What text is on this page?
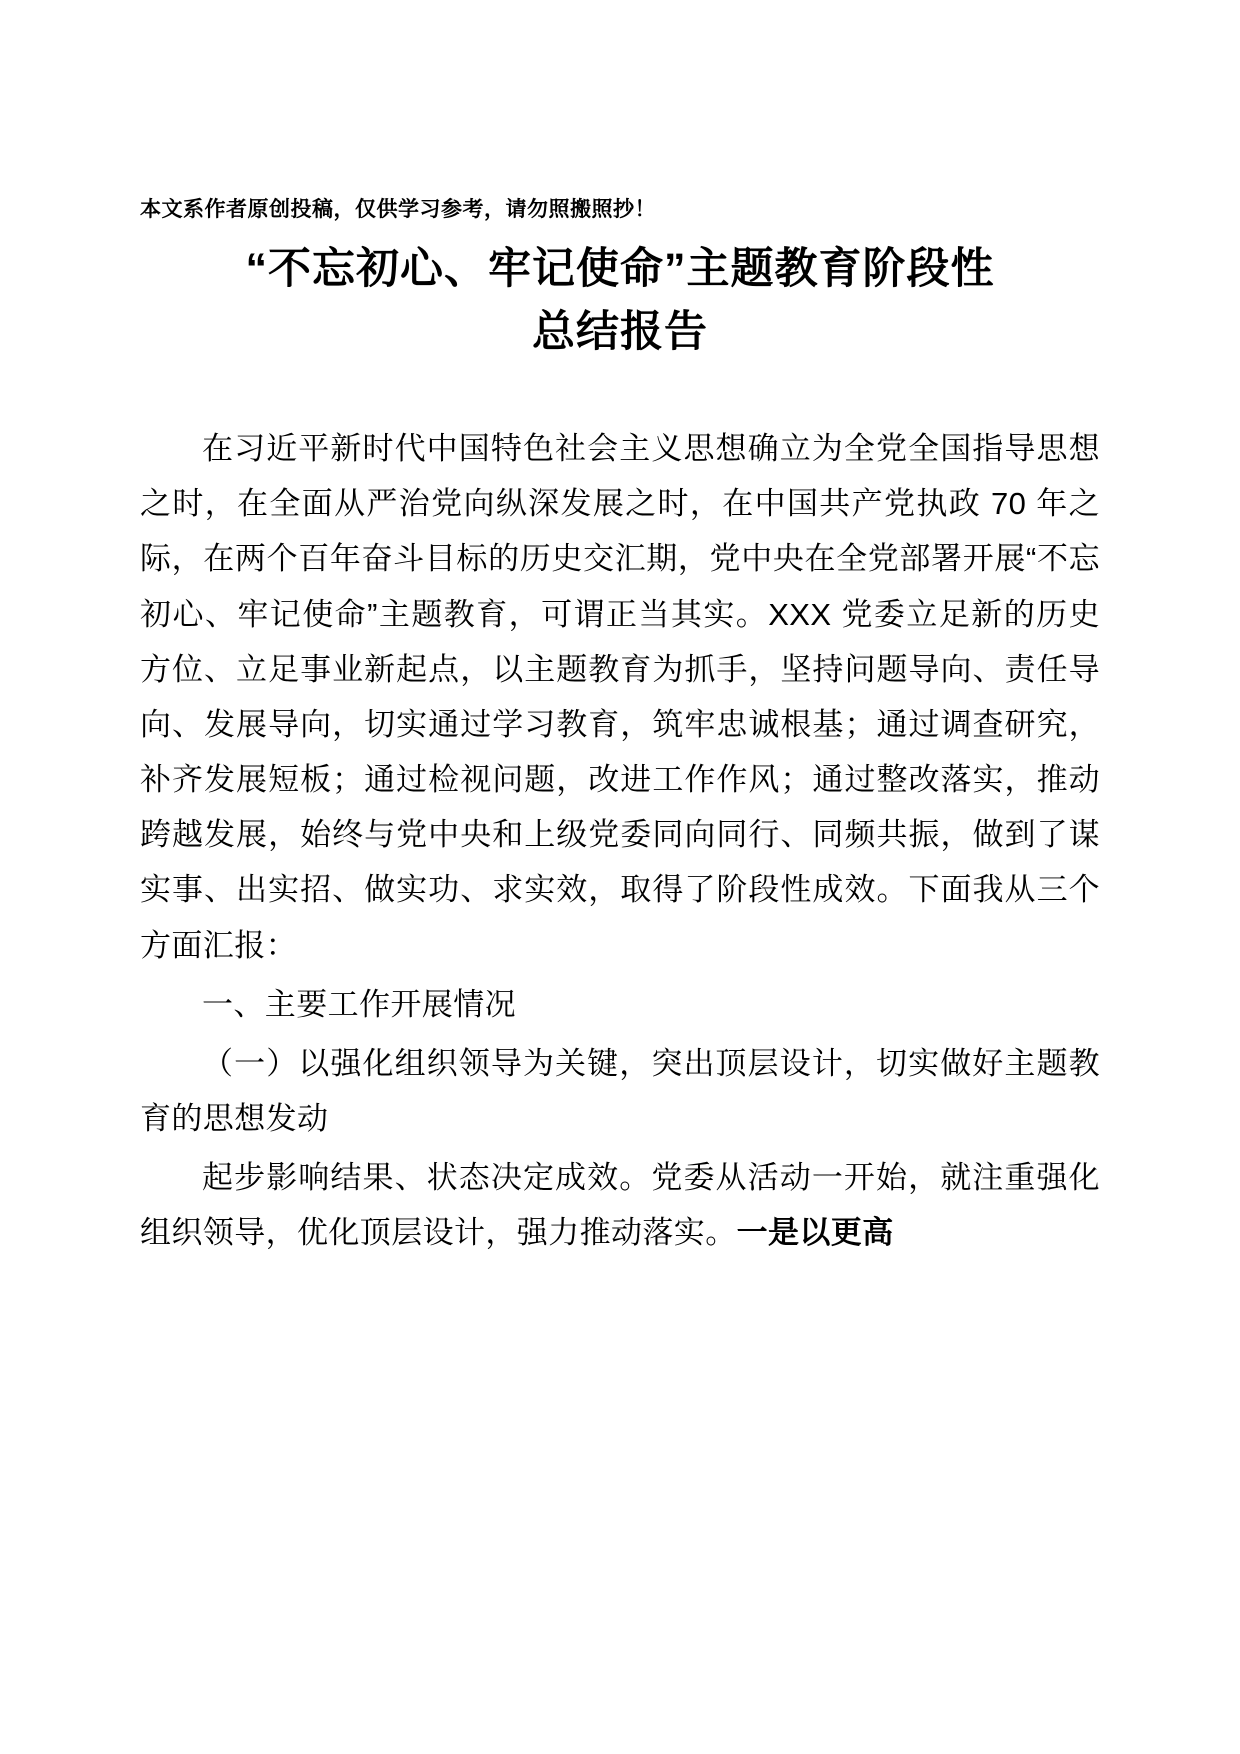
本文系作者原创投稿，仅供学习参考，请勿照搬照抄！
“不忘初心、牢记使命”主题教育阶段性
总结报告

在习近平新时代中国特色社会主义思想确立为全党全国指导思想之时，在全面从严治党向纵深发展之时，在中国共产党执政 70 年之际，在两个百年奋斗目标的历史交汇期，党中央在全党部署开展“不忘初心、牢记使命”主题教育，可谓正当其实。XXX 党委立足新的历史方位、立足事业新起点，以主题教育为抓手，坚持问题导向、责任导向、发展导向，切实通过学习教育，筑牢忠诚根基；通过调查研究，补齐发展短板；通过检视问题，改进工作作风；通过整改落实，推动跨越发展，始终与党中央和上级党委同向同行、同频共振，做到了谋实事、出实招、做实功、求实效，取得了阶段性成效。下面我从三个方面汇报：

一、主要工作开展情况

（一）以强化组织领导为关键，突出顶层设计，切实做好主题教育的思想发动

起步影响结果、状态决定成效。党委从活动一开始，就注重强化组织领导，优化顶层设计，强力推动落实。一是以更高
